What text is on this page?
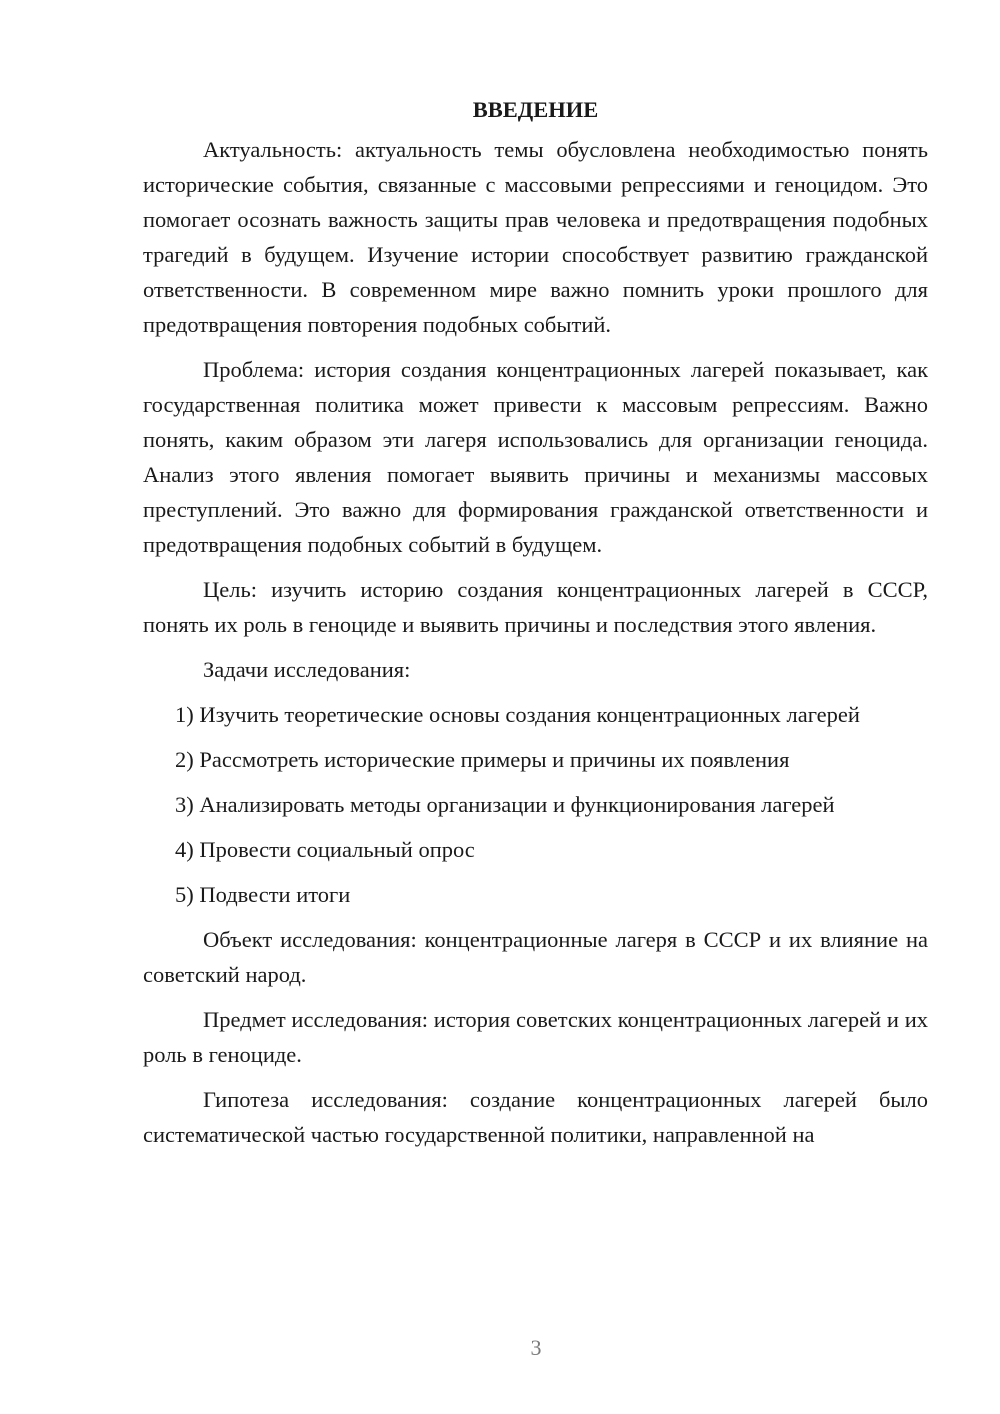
ВВЕДЕНИЕ

Актуальность: актуальность темы обусловлена необходимостью понять исторические события, связанные с массовыми репрессиями и геноцидом. Это помогает осознать важность защиты прав человека и предотвращения подобных трагедий в будущем. Изучение истории способствует развитию гражданской ответственности. В современном мире важно помнить уроки прошлого для предотвращения повторения подобных событий.

Проблема: история создания концентрационных лагерей показывает, как государственная политика может привести к массовым репрессиям. Важно понять, каким образом эти лагеря использовались для организации геноцида. Анализ этого явления помогает выявить причины и механизмы массовых преступлений. Это важно для формирования гражданской ответственности и предотвращения подобных событий в будущем.

Цель: изучить историю создания концентрационных лагерей в СССР, понять их роль в геноциде и выявить причины и последствия этого явления.

Задачи исследования:

1) Изучить теоретические основы создания концентрационных лагерей

2) Рассмотреть исторические примеры и причины их появления

3) Анализировать методы организации и функционирования лагерей

4) Провести социальный опрос

5) Подвести итоги

Объект исследования: концентрационные лагеря в СССР и их влияние на советский народ.

Предмет исследования: история советских концентрационных лагерей и их роль в геноциде.

Гипотеза исследования: создание концентрационных лагерей было систематической частью государственной политики, направленной на

3
